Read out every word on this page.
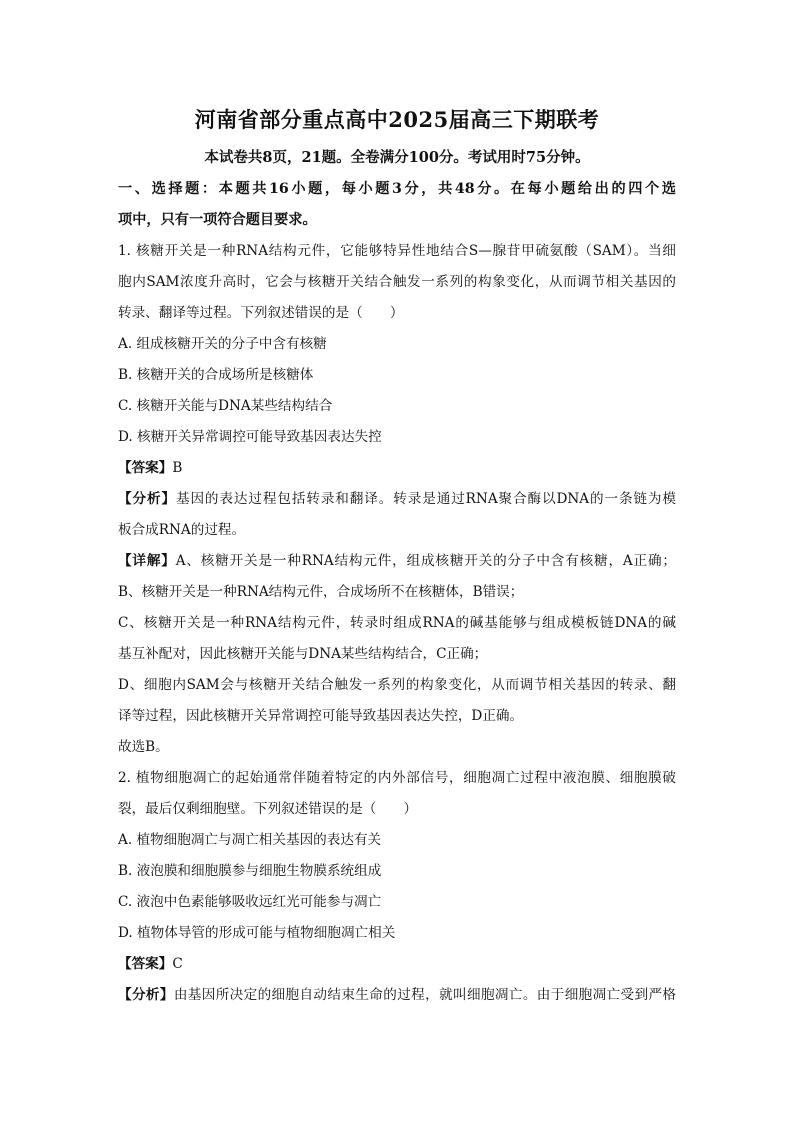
河南省部分重点高中2025届高三下期联考
本试卷共8页，21题。全卷满分100分。考试用时75分钟。
一、选择题：本题共16小题，每小题3分，共48分。在每小题给出的四个选
项中，只有一项符合题目要求。
1. 核糖开关是一种RNA结构元件，它能够特异性地结合S—腺苷甲硫氨酸（SAM）。当细
胞内SAM浓度升高时，它会与核糖开关结合触发一系列的构象变化，从而调节相关基因的
转录、翻译等过程。下列叙述错误的是（　　）
A. 组成核糖开关的分子中含有核糖
B. 核糖开关的合成场所是核糖体
C. 核糖开关能与DNA某些结构结合
D. 核糖开关异常调控可能导致基因表达失控
【答案】B
【分析】基因的表达过程包括转录和翻译。转录是通过RNA聚合酶以DNA的一条链为模
板合成RNA的过程。
【详解】A、核糖开关是一种RNA结构元件，组成核糖开关的分子中含有核糖，A正确；
B、核糖开关是一种RNA结构元件，合成场所不在核糖体，B错误；
C、核糖开关是一种RNA结构元件，转录时组成RNA的碱基能够与组成模板链DNA的碱
基互补配对，因此核糖开关能与DNA某些结构结合，C正确；
D、细胞内SAM会与核糖开关结合触发一系列的构象变化，从而调节相关基因的转录、翻
译等过程，因此核糖开关异常调控可能导致基因表达失控，D正确。
故选B。
2. 植物细胞凋亡的起始通常伴随着特定的内外部信号，细胞凋亡过程中液泡膜、细胞膜破
裂，最后仅剩细胞壁。下列叙述错误的是（　　）
A. 植物细胞凋亡与凋亡相关基因的表达有关
B. 液泡膜和细胞膜参与细胞生物膜系统组成
C. 液泡中色素能够吸收远红光可能参与凋亡
D. 植物体导管的形成可能与植物细胞凋亡相关
【答案】C
【分析】由基因所决定的细胞自动结束生命的过程，就叫细胞凋亡。由于细胞凋亡受到严格
